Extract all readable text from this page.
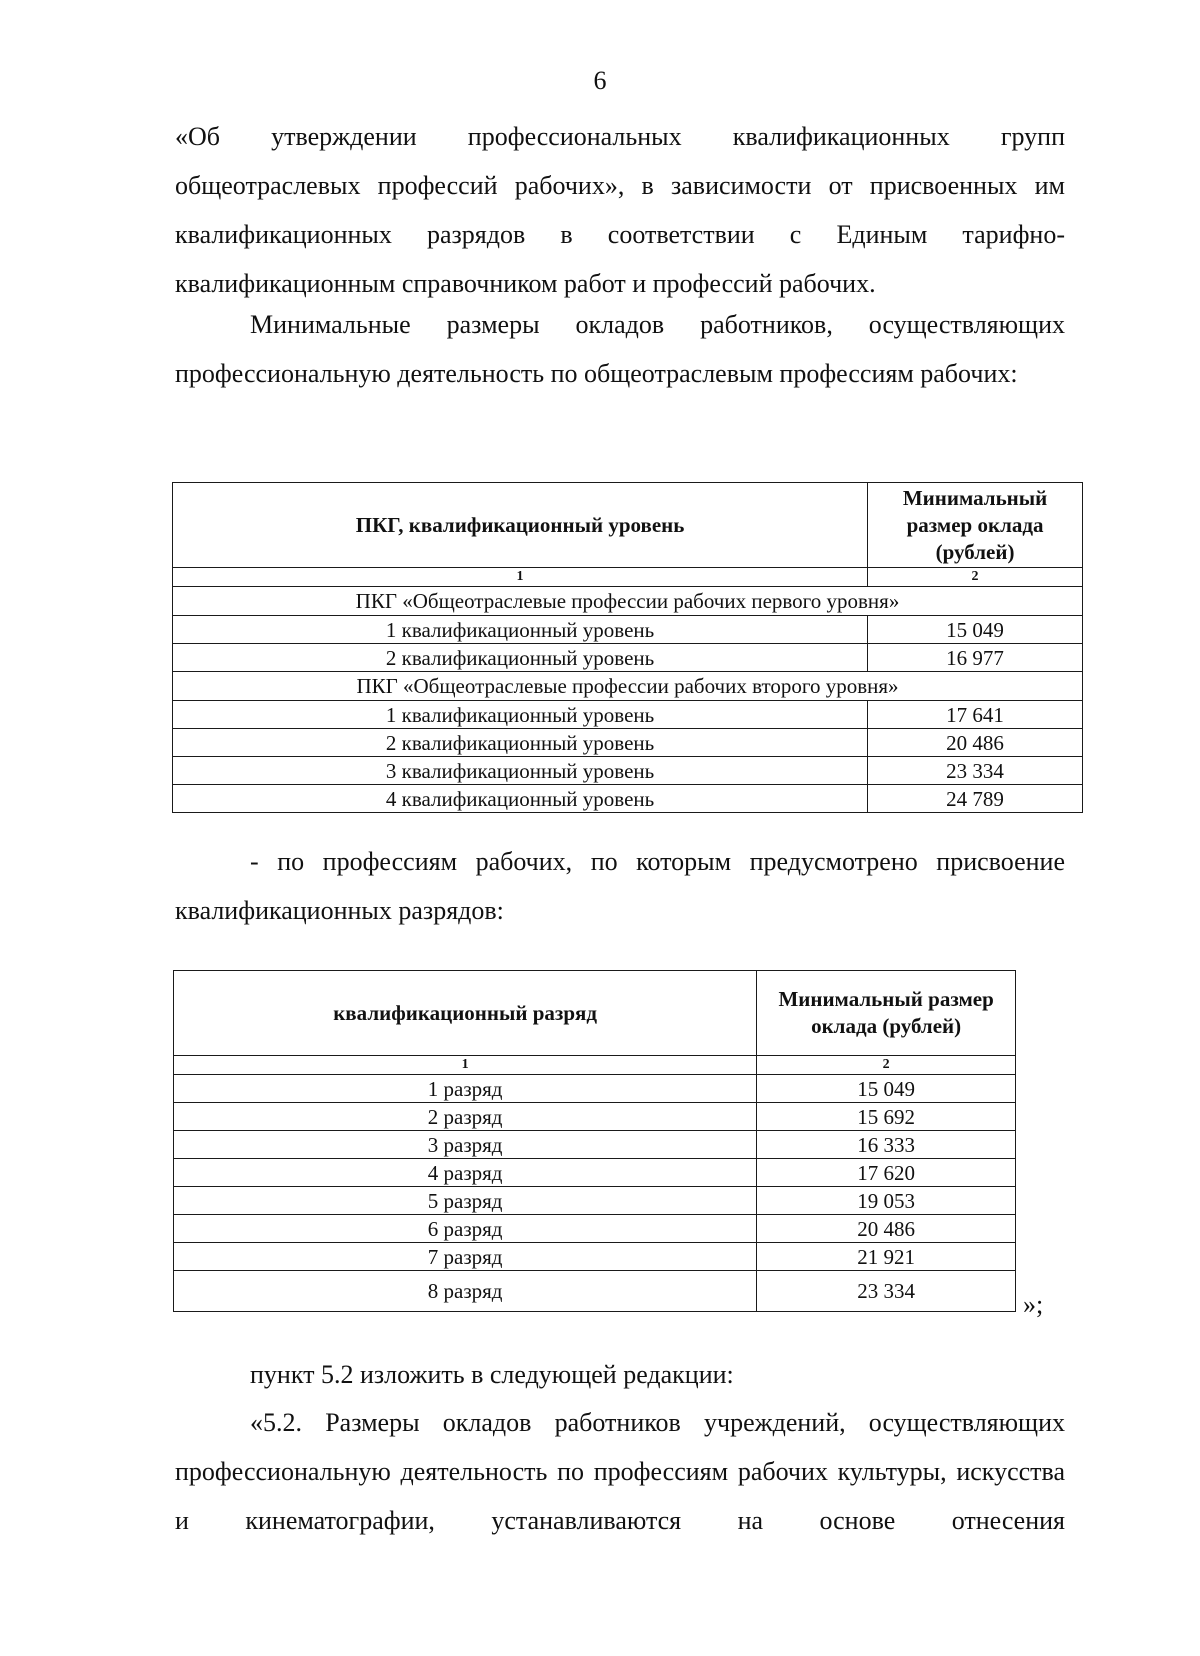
6
«Об утверждении профессиональных квалификационных групп общеотраслевых профессий рабочих», в зависимости от присвоенных им квалификационных разрядов в соответствии с Единым тарифно-квалификационным справочником работ и профессий рабочих.
Минимальные размеры окладов работников, осуществляющих профессиональную деятельность по общеотраслевым профессиям рабочих:
ПКГ, квалификационный уровень	Минимальный размер оклада (рублей)
1	2
ПКГ «Общеотраслевые профессии рабочих первого уровня»	
1 квалификационный уровень	15 049
2 квалификационный уровень	16 977
ПКГ «Общеотраслевые профессии рабочих второго уровня»	
1 квалификационный уровень	17 641
2 квалификационный уровень	20 486
3 квалификационный уровень	23 334
4 квалификационный уровень	24 789
- по профессиям рабочих, по которым предусмотрено присвоение квалификационных разрядов:
квалификационный разряд	Минимальный размер оклада (рублей)
1	2
1 разряд	15 049
2 разряд	15 692
3 разряд	16 333
4 разряд	17 620
5 разряд	19 053
6 разряд	20 486
7 разряд	21 921
8 разряд	23 334	»;
пункт 5.2 изложить в следующей редакции:
«5.2. Размеры окладов работников учреждений, осуществляющих профессиональную деятельность по профессиям рабочих культуры, искусства и кинематографии, устанавливаются на основе отнесения
